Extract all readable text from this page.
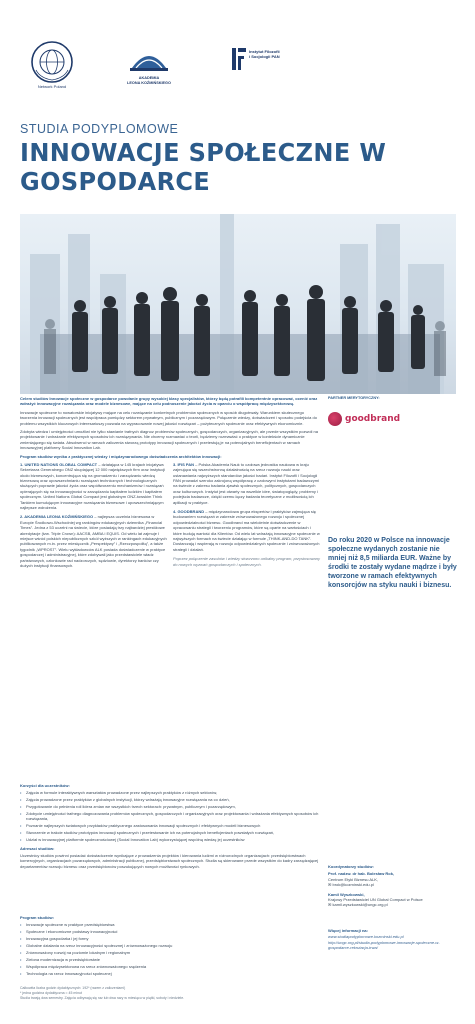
Network Poland
AKADEMIA
LEONA KOŹMIŃSKIEGO
Instytut Filozofii
i Socjologii PAN
STUDIA PODYPLOMOWE
INNOWACJE SPOŁECZNE W GOSPODARCE

Celem studiów Innowacje społeczne w gospodarce powołanie grupy wysokiej klasy specjalistów, którzy będą potrafili kompetentnie opracować, ocenić oraz wdrażyć innowacyjne rozwiązania oraz modele biznesowe, mające na celu podnoszenie jakości życia w oparciu o współpracę międzysektorową.

Innowacje społeczne to nowatorskie inicjatywy mające na celu rozwiązanie konkretnych problemów społecznych w sposób długotrwały. Warunkiem skutecznego tworzenia innowacji społecznych jest współpraca pomiędzy sektorem prywatnym, publicznym i pozarządowym. Połączenie wiedzy, doświadczeń i sposobu podejścia do problemu wszystkich kluczowych interesariuszy pozwala na wypracowanie nowej jakości rozwiązań – pożytecznych społecznie oraz efektywnych ekonomicznie.

Zdobyta wiedza i umiejętności umożliwi nie tylko stawianie trafnych diagnoz problemów społecznych, gospodarczych, organizacyjnych, ale przede wszystkim pozwoli na projektowanie i wdrażanie efektywnych sposobów ich rozwiązywania. Nie chcemy rozmawiać o teorii, będziemy rozmawiać o praktyce w kontekście dynamicznie zmieniającego się świata. Absolwenci w ramach zaliczenia stworzą prototypy innowacji społecznych i przetestują je na potencjalnych beneficjentach w ramach innowacyjnej platformy Social Innovation Lab.

Program studiów wynika z praktycznej wiedzy i międzynarodowego doświadczenia architektów innowacji:

1. UNITED NATIONS GLOBAL COMPACT – działająca w 145 krajach inicjatywa Sekretarza Generalnego ONZ skupiającej 12 000 największych firm oraz instytucji około biznesowych, koncentrująca się na gromadzeniu i zarządzaniu wiedzą biznesową oraz upowszechnianiu rozwiązań technicznych i technologicznych służących poprawie jakości życia oraz współtworzeniu mechanizmów i rozwiązań opierających się na innowacyjności w zarządzaniu kapitałem ludzkim i kapitałem społecznym. United Nations Global Compact jest globalnym ONZ-towskim Think Tankiem kumulującym innowacyjne rozwiązania biznesowe i upowszechniającym najlepsze wdrożenia.
2. AKADEMIA LEONA KOŹMIŃSKIEGO – najlepsza uczelnia biznesowa w Europie Środkowo-Wschodniej wg rankingów edukacyjnych dziennika „Financial Times”. Jedna z 53 uczelni na świecie, które posiadają trzy najbardziej prestiżowe akredytacje (tzw. Triple Crown): AACSB, AMBA i EQUIS. Od wielu lat zajmuje I miejsce wśród polskich niepublicznych szkół wyższych w rankingach edukacyjnych publikowanych m.in. przez miesięcznik „Perspektywy” i „Rzeczpospolitą”, a także tygodnik „WPROST”. Wielu wykładowców ALK posiada doświadczenie w praktyce gospodarczej i administracyjnej, które zdobywali jako przedstawiciele władz państwowych, członkowie rad nadzorczych, sędziowie, dyrektorzy banków czy dużych instytucji finansowych.
3. IFIS PAN – Polska Akademia Nauk to czołowa jednostka naukowa w kraju zajmująca się wszechstronną działalnością na rzecz rozwoju nauki oraz ustanawiania najwyższych standardów jakości badań. Instytut Filozofii i Socjologii PAN prowadzi szeroko zakrojoną współpracę z czołowymi instytutami badawczymi na świecie z zakresu badania zjawisk społecznych, politycznych, gospodarczych oraz kulturowych. Instytut jest otwarty na wszelkie idee, światopoglądy, problemy i podejścia badawcze, dzięki czemu łączy badania teoretyczne z możliwością ich aplikacji w praktyce.
4. GOODBRAND – międzynarodowa grupa ekspertów i praktyków zajmująca się budowaniem rozwiązań w zakresie zrównoważonego rozwoju i społecznej odpowiedzialności biznesu. Goodbrand ma wieloletnie doświadczenie w opracowaniu strategii i tworzeniu programów, które są oparte na wartościach i które budują wartość dla Klientów. Od wielu lat wdrażają innowacyjne społecznie w najwyższych formach na świecie działając w formule „THINK-AND-DO TANK”. Dostarczają i wspierają w rozwoju odpowiedzialnych społecznie i zrównoważonych strategii i działań.
Poprzez połączenie zasobów i wiedzy stworzono unikalny program, przystosowany do nowych wyzwań gospodarczych i społecznych.
PARTNER MERYTORYCZNY:
goodbrand
Do roku 2020 w Polsce na innowacje społeczne wydanych zostanie nie mniej niż 8,5 miliarda EUR. Ważne by środki te zostały wydane mądrze i były tworzone w ramach efektywnych konsorcjów na styku nauki i biznesu.
Korzyści dla uczestników:
• Zajęcia w formule interaktywnych warsztatów prowadzone przez najlepszych praktyków z różnych sektorów,
• Zajęcia prowadzone przez praktyków z globalnych instytucji, którzy wdrażają innowacyjne rozwiązania na co dzień,
• Przygotowanie do pełnienia roli lidera zmian we wszystkich trzech sektorach: prywatnym, publicznym i pozarządowym,
• Zdobycie umiejętności trafnego diagnozowania problemów społecznych, gospodarczych i organizacyjnych oraz projektowania i wdrażania efektywnych sposobów ich rozwiązania,
• Poznanie najlepszych światowych przykładów praktycznego zastosowania innowacji społecznych i efektywnych modeli biznesowych
• Stworzenie w trakcie studiów prototypów innowacji społecznych i przetestowanie ich na potencjalnych beneficjentach powstałych rozwiązań,
• Udział w innowacyjnej platformie społecznościowej (Social Innovation Lab) wykorzystującej wspólną wiedzę jej uczestników
Adresaci studiów:

Uczestnicy studiów powinni posiadać doświadczenie wynikające z prowadzenia projektów i kierowania ludźmi w różnorodnych organizacjach: przedsiębiorstwach komercyjnych, organizacjach pozarządowych, administracji publicznej, przedsiębiorstwach społecznych. Studia są skierowane przede wszystkim do kadry zarządzającej departamentów rozwoju biznesu oraz przedsiębiorców poszukujących nowych możliwości rynkowych.

Program studiów:
• Innowacje społeczne w praktyce przedsiębiorstwa
• Społeczne i ekonomiczne podstawy innowacyjności
• Innowacyjna gospodarka i jej formy
• Globalne działania na rzecz innowacyjności społecznej i zrównoważonego rozwoju
• Zrównoważony rozwój na poziomie lokalnym i regionalnym
• Zielona modernizacja w przedsiębiorstwie
• Współpraca międzysektorowa na rzecz zrównoważonego rządzenia
• Technologia na rzecz innowacyjności społecznej
Koordynatorzy studiów:
Prof. nadzw. dr hab. Bolesław Rok,
Centrum Etyki Biznesu ALK,
✉ brok@kozminski.edu.pl
Kamil Wyszkowski,
Krajowy Przedstawiciel UN Global Compact w Polsce
✉ kamil.wyszkowski@ungc.org.pl
Więcej informacji na:
www.studiapodyplomowe.kozminski.edu.pl
http://ungc.org.pl/studia-podyplomowe-innowacje-spoleczne-w-gospodarce-rekrutacja-trwa/
Całkowita liczba godzin dydaktycznych: 192* (razem z zaliczeniami)
* jedna godzina dydaktyczna = 45 minut
Studia trwają dwa semestry. Zajęcia odbywają się raz lub dwa razy w miesiącu w piątki, soboty i niedziele.
